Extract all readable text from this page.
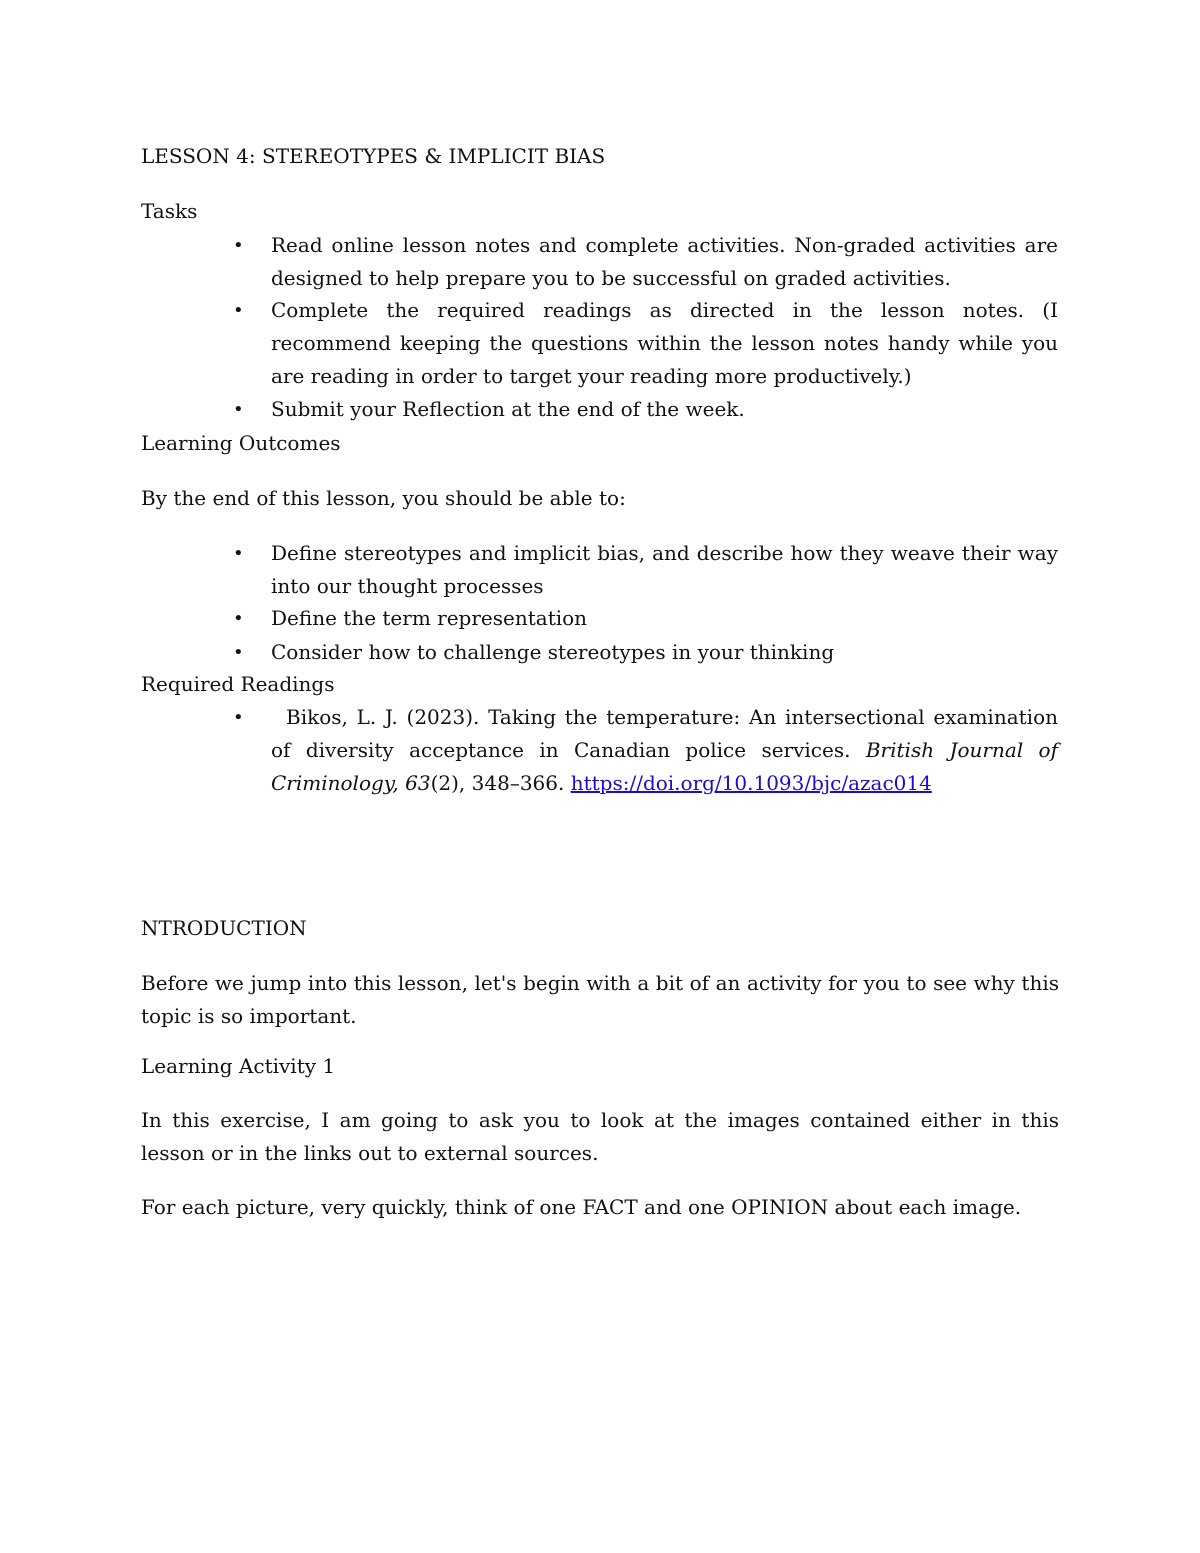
LESSON 4: STEREOTYPES & IMPLICIT BIAS
Tasks
• Read online lesson notes and complete activities. Non-graded activities are designed to help prepare you to be successful on graded activities.
• Complete the required readings as directed in the lesson notes. (I recommend keeping the questions within the lesson notes handy while you are reading in order to target your reading more productively.)
• Submit your Reflection at the end of the week.
Learning Outcomes
By the end of this lesson, you should be able to:
• Define stereotypes and implicit bias, and describe how they weave their way into our thought processes
• Define the term representation
• Consider how to challenge stereotypes in your thinking
Required Readings
•	Bikos, L. J. (2023). Taking the temperature: An intersectional examination of diversity acceptance in Canadian police services. British Journal of Criminology, 63(2), 348–366. https://doi.org/10.1093/bjc/azac014
NTRODUCTION
Before we jump into this lesson, let's begin with a bit of an activity for you to see why this topic is so important.
Learning Activity 1
In this exercise, I am going to ask you to look at the images contained either in this lesson or in the links out to external sources.
For each picture, very quickly, think of one FACT and one OPINION about each image.
